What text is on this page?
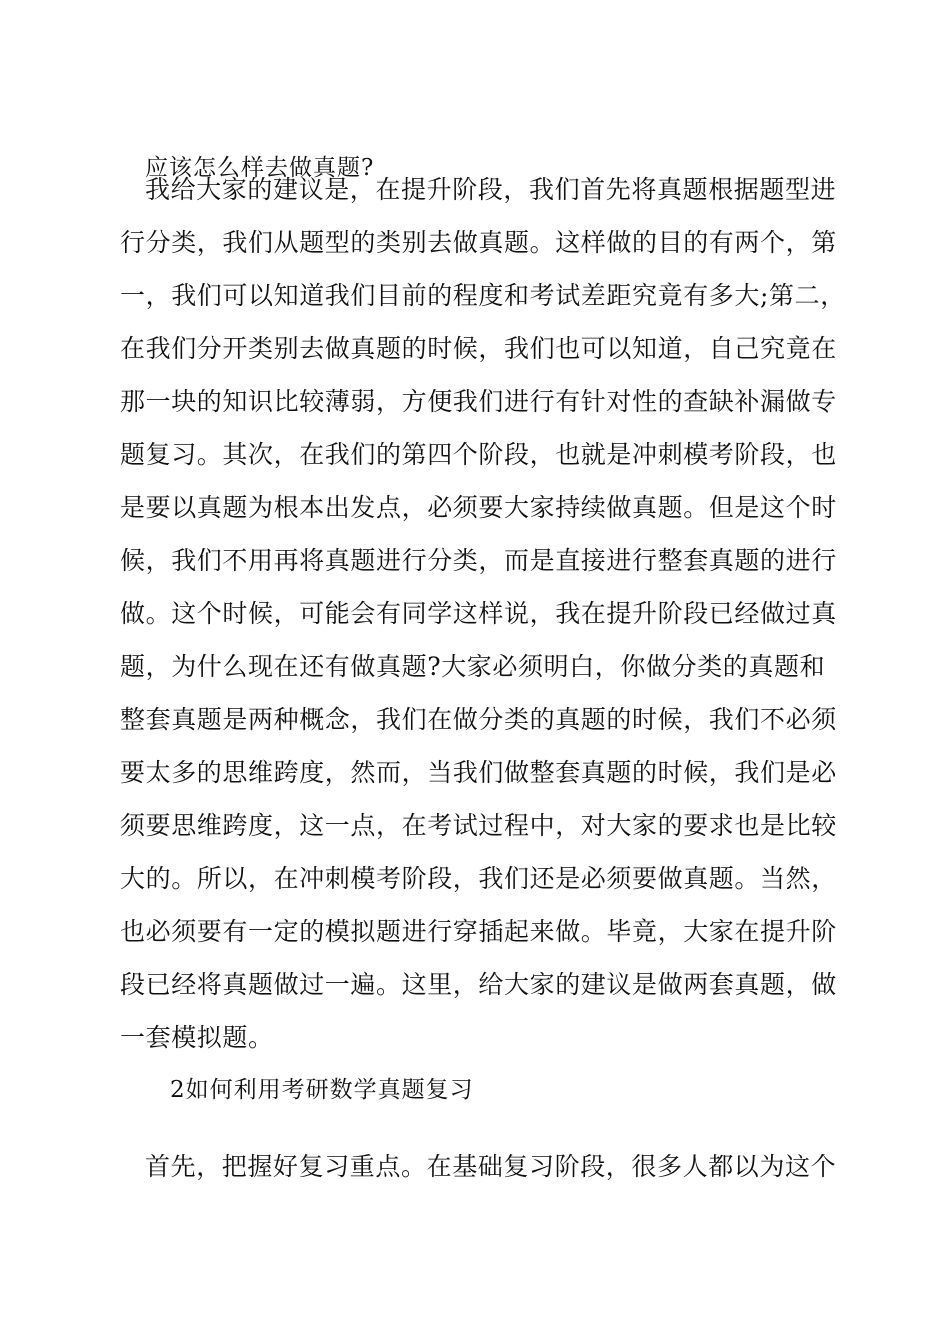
应该怎么样去做真题?
我给大家的建议是，在提升阶段，我们首先将真题根据题型进
行分类，我们从题型的类别去做真题。这样做的目的有两个，第
一，我们可以知道我们目前的程度和考试差距究竟有多大;第二，
在我们分开类别去做真题的时候，我们也可以知道，自己究竟在
那一块的知识比较薄弱，方便我们进行有针对性的查缺补漏做专
题复习。其次，在我们的第四个阶段，也就是冲刺模考阶段，也
是要以真题为根本出发点，必须要大家持续做真题。但是这个时
候，我们不用再将真题进行分类，而是直接进行整套真题的进行
做。这个时候，可能会有同学这样说，我在提升阶段已经做过真
题，为什么现在还有做真题?大家必须明白，你做分类的真题和
整套真题是两种概念，我们在做分类的真题的时候，我们不必须
要太多的思维跨度，然而，当我们做整套真题的时候，我们是必
须要思维跨度，这一点，在考试过程中，对大家的要求也是比较
大的。所以，在冲刺模考阶段，我们还是必须要做真题。当然，
也必须要有一定的模拟题进行穿插起来做。毕竟，大家在提升阶
段已经将真题做过一遍。这里，给大家的建议是做两套真题，做
一套模拟题。
2如何利用考研数学真题复习
首先，把握好复习重点。在基础复习阶段，很多人都以为这个
